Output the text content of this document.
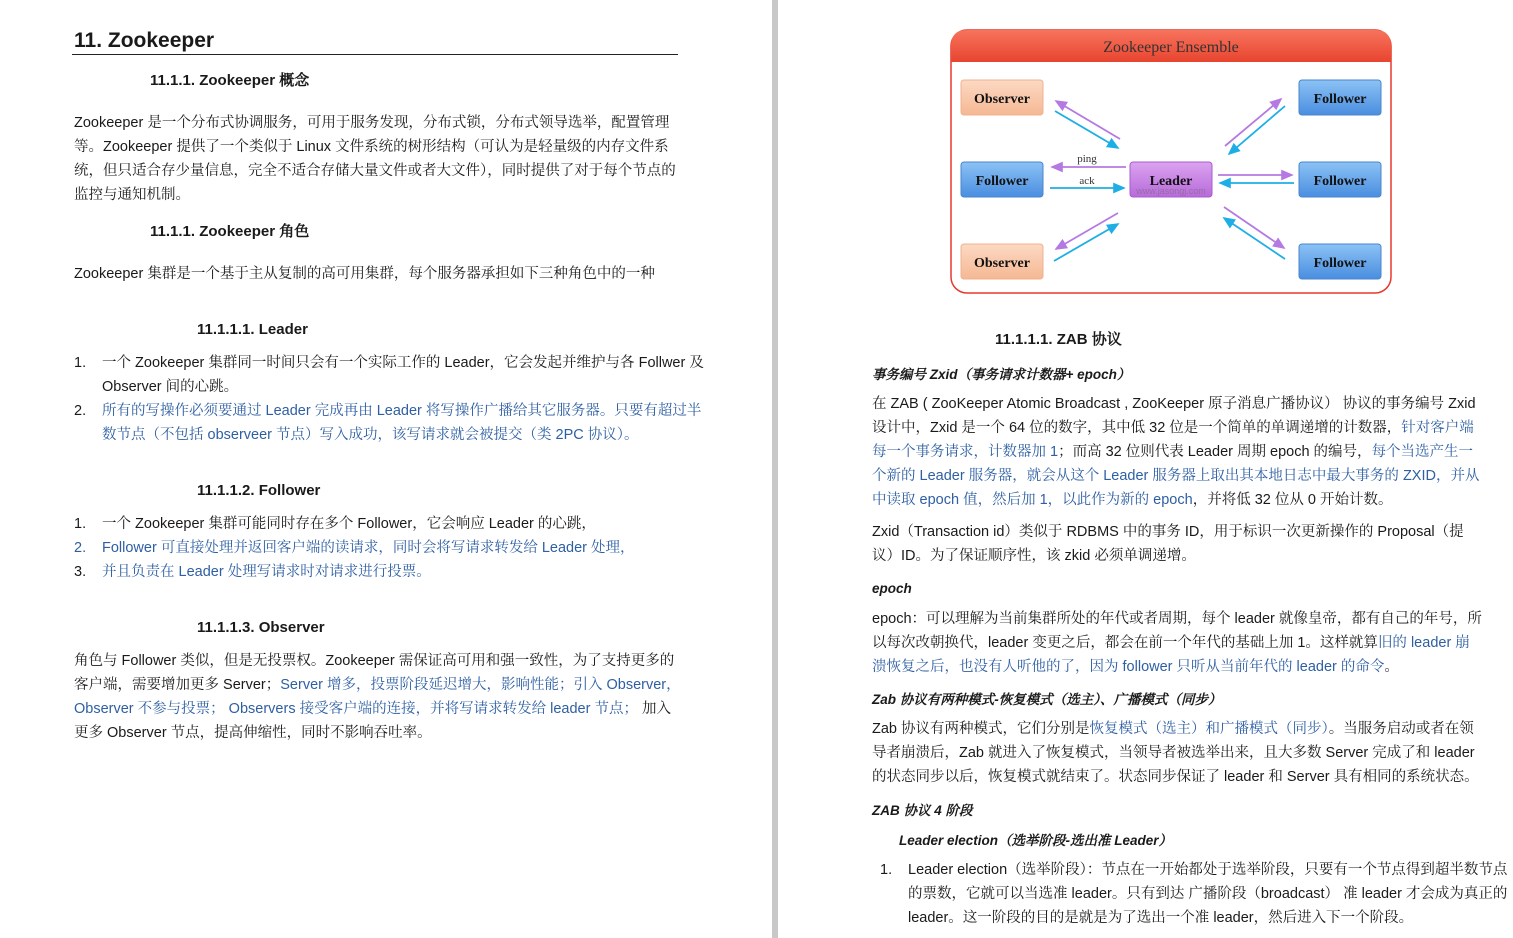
11. Zookeeper
11.1.1. Zookeeper 概念
Zookeeper 是一个分布式协调服务，可用于服务发现，分布式锁，分布式领导选举，配置管理等。Zookeeper 提供了一个类似于 Linux 文件系统的树形结构（可认为是轻量级的内存文件系统，但只适合存少量信息，完全不适合存储大量文件或者大文件），同时提供了对于每个节点的监控与通知机制。
11.1.1. Zookeeper 角色
Zookeeper 集群是一个基于主从复制的高可用集群，每个服务器承担如下三种角色中的一种
11.1.1.1. Leader
1. 一个 Zookeeper 集群同一时间只会有一个实际工作的 Leader，它会发起并维护与各 Follwer 及 Observer 间的心跳。
2. 所有的写操作必须要通过 Leader 完成再由 Leader 将写操作广播给其它服务器。只要有超过半数节点（不包括 observeer 节点）写入成功，该写请求就会被提交（类 2PC 协议）。
11.1.1.2. Follower
1. 一个 Zookeeper 集群可能同时存在多个 Follower，它会响应 Leader 的心跳，
2. Follower 可直接处理并返回客户端的读请求，同时会将写请求转发给 Leader 处理，
3. 并且负责在 Leader 处理写请求时对请求进行投票。
11.1.1.3. Observer
角色与 Follower 类似，但是无投票权。Zookeeper 需保证高可用和强一致性，为了支持更多的客户端，需要增加更多 Server；Server 增多，投票阶段延迟增大，影响性能；引入 Observer，Observer 不参与投票； Observers 接受客户端的连接，并将写请求转发给 leader 节点； 加入更多 Observer 节点，提高伸缩性，同时不影响吞吐率。
11.1.1.1. ZAB 协议
事务编号 Zxid（事务请求计数器+ epoch）
在 ZAB ( ZooKeeper Atomic Broadcast , ZooKeeper 原子消息广播协议） 协议的事务编号 Zxid 设计中，Zxid 是一个 64 位的数字，其中低 32 位是一个简单的单调递增的计数器，针对客户端每一个事务请求，计数器加 1；而高 32 位则代表 Leader 周期 epoch 的编号，每个当选产生一个新的 Leader 服务器，就会从这个 Leader 服务器上取出其本地日志中最大事务的 ZXID，并从中读取 epoch 值，然后加 1，以此作为新的 epoch，并将低 32 位从 0 开始计数。
Zxid（Transaction id）类似于 RDBMS 中的事务 ID，用于标识一次更新操作的 Proposal（提议）ID。为了保证顺序性，该 zkid 必须单调递增。
epoch
epoch：可以理解为当前集群所处的年代或者周期，每个 leader 就像皇帝，都有自己的年号，所以每次改朝换代，leader 变更之后，都会在前一个年代的基础上加 1。这样就算旧的 leader 崩溃恢复之后，也没有人听他的了，因为 follower 只听从当前年代的 leader 的命令。
Zab 协议有两种模式-恢复模式（选主）、广播模式（同步）
Zab 协议有两种模式，它们分别是恢复模式（选主）和广播模式（同步）。当服务启动或者在领导者崩溃后，Zab 就进入了恢复模式，当领导者被选举出来，且大多数 Server 完成了和 leader 的状态同步以后，恢复模式就结束了。状态同步保证了 leader 和 Server 具有相同的系统状态。
ZAB 协议 4 阶段
Leader election（选举阶段-选出准 Leader）
1. Leader election（选举阶段）：节点在一开始都处于选举阶段，只要有一个节点得到超半数节点的票数，它就可以当选准 leader。只有到达 广播阶段（broadcast） 准 leader 才会成为真正的 leader。这一阶段的目的是就是为了选出一个准 leader，然后进入下一个阶段。
Zookeeper Ensemble
Observer
Follower
Observer
Leader
Follower
Follower
Follower
www.jasongj.com
ping
ack
